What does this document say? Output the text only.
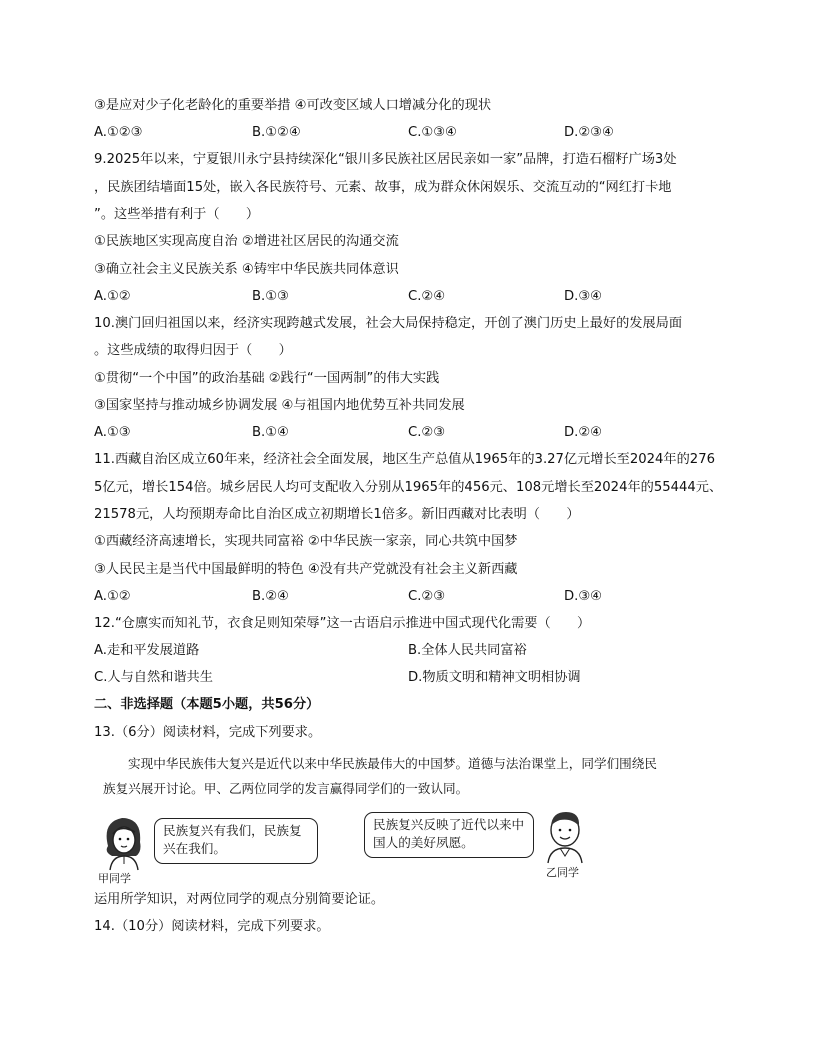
③是应对少子化老龄化的重要举措 ④可改变区域人口增减分化的现状
A.①②③	B.①②④	C.①③④	D.②③④
9.2025年以来，宁夏银川永宁县持续深化“银川多民族社区居民亲如一家”品牌，打造石榴籽广场3处
，民族团结墙面15处，嵌入各民族符号、元素、故事，成为群众休闲娱乐、交流互动的“网红打卡地
”。这些举措有利于（　　）
①民族地区实现高度自治 ②增进社区居民的沟通交流
③确立社会主义民族关系 ④铸牢中华民族共同体意识
A.①②	B.①③	C.②④	D.③④
10.澳门回归祖国以来，经济实现跨越式发展，社会大局保持稳定，开创了澳门历史上最好的发展局面
。这些成绩的取得归因于（　　）
①贯彻“一个中国”的政治基础 ②践行“一国两制”的伟大实践
③国家坚持与推动城乡协调发展 ④与祖国内地优势互补共同发展
A.①③	B.①④	C.②③	D.②④
11.西藏自治区成立60年来，经济社会全面发展，地区生产总值从1965年的3.27亿元增长至2024年的276
5亿元，增长154倍。城乡居民人均可支配收入分别从1965年的456元、108元增长至2024年的55444元、
21578元，人均预期寿命比自治区成立初期增长1倍多。新旧西藏对比表明（　　）
①西藏经济高速增长，实现共同富裕 ②中华民族一家亲，同心共筑中国梦
③人民民主是当代中国最鲜明的特色 ④没有共产党就没有社会主义新西藏
A.①②	B.②④	C.②③	D.③④
12.“仓廪实而知礼节，衣食足则知荣辱”这一古语启示推进中国式现代化需要（　　）
A.走和平发展道路	B.全体人民共同富裕
C.人与自然和谐共生	D.物质文明和精神文明相协调
二、非选择题（本题5小题，共56分）
13.（6分）阅读材料，完成下列要求。
实现中华民族伟大复兴是近代以来中华民族最伟大的中国梦。道德与法治课堂上，同学们围绕民
族复兴展开讨论。甲、乙两位同学的发言赢得同学们的一致认同。
民族复兴有我们，民族复
兴在我们。
甲同学
民族复兴反映了近代以来中
国人的美好夙愿。
乙同学
运用所学知识，对两位同学的观点分别简要论证。
14.（10分）阅读材料，完成下列要求。
